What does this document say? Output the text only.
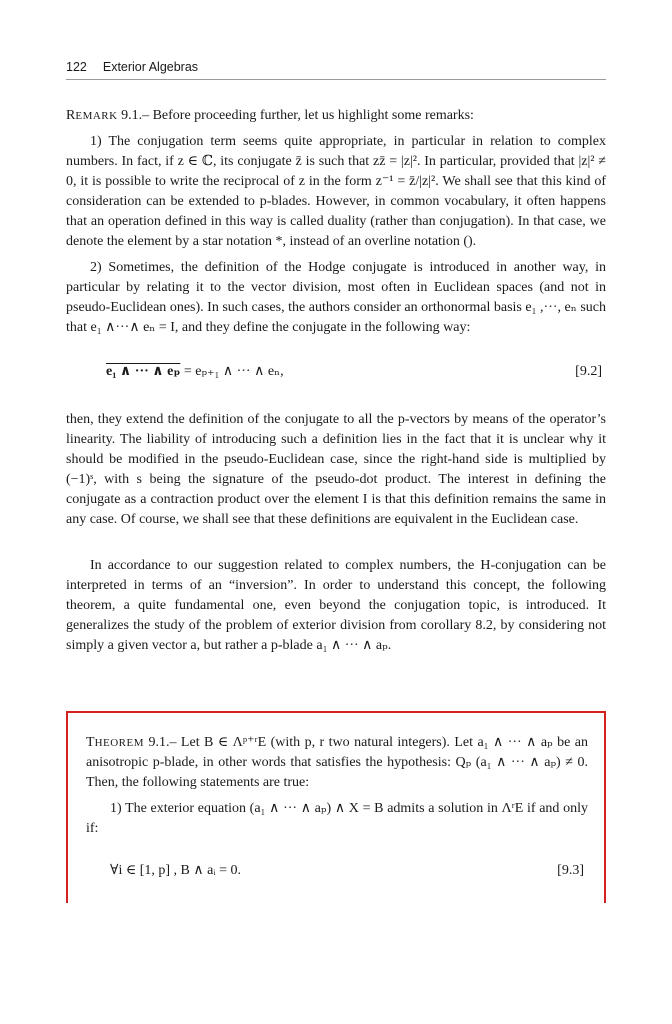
122 Exterior Algebras

REMARK 9.1.– Before proceeding further, let us highlight some remarks:

1) The conjugation term seems quite appropriate, in particular in relation to complex numbers. In fact, if z ∈ ℂ, its conjugate z̄ is such that zz̄ = |z|². In particular, provided that |z|² ≠ 0, it is possible to write the reciprocal of z in the form z⁻¹ = z̄/|z|². We shall see that this kind of consideration can be extended to p-blades. However, in common vocabulary, it often happens that an operation defined in this way is called duality (rather than conjugation). In that case, we denote the element by a star notation *, instead of an overline notation ().

2) Sometimes, the definition of the Hodge conjugate is introduced in another way, in particular by relating it to the vector division, most often in Euclidean spaces (and not in pseudo-Euclidean ones). In such cases, the authors consider an orthonormal basis e₁ ,···, eₙ such that e₁ ∧···∧ eₙ = I, and they define the conjugate in the following way:

e₁ ∧ ··· ∧ eₚ = eₚ₊₁ ∧ ··· ∧ eₙ,	[9.2]

then, they extend the definition of the conjugate to all the p-vectors by means of the operator’s linearity. The liability of introducing such a definition lies in the fact that it is unclear why it should be modified in the pseudo-Euclidean case, since the right-hand side is multiplied by (−1)ˢ, with s being the signature of the pseudo-dot product. The interest in defining the conjugate as a contraction product over the element I is that this definition remains the same in any case. Of course, we shall see that these definitions are equivalent in the Euclidean case.

In accordance to our suggestion related to complex numbers, the H-conjugation can be interpreted in terms of an “inversion”. In order to understand this concept, the following theorem, a quite fundamental one, even beyond the conjugation topic, is introduced. It generalizes the study of the problem of exterior division from corollary 8.2, by considering not simply a given vector a, but rather a p-blade a₁ ∧ ··· ∧ aₚ.

THEOREM 9.1.– Let B ∈ Λᵖ⁺ʳE (with p, r two natural integers). Let a₁ ∧ ··· ∧ aₚ be an anisotropic p-blade, in other words that satisfies the hypothesis: Qₚ (a₁ ∧ ··· ∧ aₚ) ≠ 0. Then, the following statements are true:

1) The exterior equation (a₁ ∧ ··· ∧ aₚ) ∧ X = B admits a solution in ΛʳE if and only if:

∀i ∈ [1, p] , B ∧ aᵢ = 0.	[9.3]
